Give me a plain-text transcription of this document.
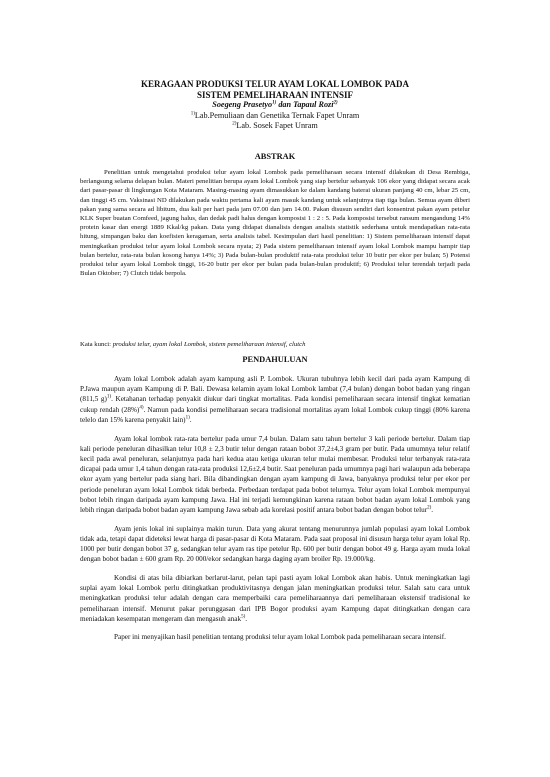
KERAGAAN PRODUKSI TELUR AYAM LOKAL LOMBOK PADA
SISTEM PEMELIHARAAN INTENSIF
Soegeng Prasetyo$^{1)}$ dan Tapaul Rozi$^{2)}$
$^{1)}$Lab.Pemuliaan dan Genetika Ternak Fapet Unram
$^{2)}$Lab. Sosek Fapet Unram
ABSTRAK

Penelitian untuk mengetahui produksi telur ayam lokal Lombok pada pemeliharaan secara intensif dilakukan di Desa Rembiga, berlangsung selama delapan bulan. Materi penelitian berupa ayam lokal Lombok yang siap bertelur sebanyak 106 ekor yang didapat secara acak dari pasar-pasar di lingkungan Kota Mataram. Masing-masing ayam dimasukkan ke dalam kandang baterai ukuran panjang 40 cm, lebar 25 cm, dan tinggi 45 cm. Vaksinasi ND dilakukan pada waktu pertama kali ayam masuk kandang untuk selanjutnya tiap tiga bulan. Semua ayam diberi pakan yang sama secara ad libitum, dua kali per hari pada jam 07.00 dan jam 14.00. Pakan disusun sendiri dari konsentrat pakan ayam petelur KLK Super buatan Comfeed, jagung halus, dan dedak padi halus dengan komposisi 1 : 2 : 5. Pada komposisi tersebut ransum mengandung 14% protein kasar dan energi 1889 Kkal/kg pakan. Data yang didapat dianalisis dengan analisis statistik sederhana untuk mendapatkan rata-rata hitung, simpangan baku dan koefisien keragaman, serta analisis tabel. Kesimpulan dari hasil penelitian: 1) Sistem pemeliharaan intensif dapat meningkatkan produksi telur ayam lokal Lombok secara nyata; 2) Pada sistem pemeliharaan intensif ayam lokal Lombok mampu hampir tiap bulan bertelur, rata-rata bulan kosong hanya 14%; 3) Pada bulan-bulan produktif rata-rata produksi telur 10 butir per ekor per bulan; 5) Potensi produksi telur ayam lokal Lombok tinggi, 16-20 butir per ekor per bulan pada bulan-bulan produktif; 6) Produksi telur terendah terjadi pada Bulan Oktober; 7) Clutch tidak berpola.

Kata kunci: produksi telur, ayam lokal Lombok, sistem pemeliharaan intensif, clutch

PENDAHULUAN

Ayam lokal Lombok adalah ayam kampung asli P. Lombok. Ukuran tubuhnya lebih kecil dari pada ayam Kampung di P.Jawa maupun ayam Kampung di P. Bali. Dewasa kelamin ayam lokal Lombok lambat (7,4 bulan) dengan bobot badan yang ringan (811,5 g)$^{1)}$. Ketahanan terhadap penyakit diukur dari tingkat mortalitas. Pada kondisi pemeliharaan secara intensif tingkat kematian cukup rendah $(28\%)^{4)}$. Namun pada kondisi pemeliharaan secara tradisional mortalitas ayam lokal Lombok cukup tinggi (80% karena telelo dan 15% karena penyakit lain)$^{1)}$.

Ayam lokal lombok rata-rata bertelur pada umur 7,4 bulan. Dalam satu tahun bertelur 3 kali periode bertelur. Dalam tiap kali periode peneluran dihasilkan telur 10,8 ± 2,3 butir telur dengan rataan bobot 37,2±4,3 gram per butir. Pada umumnya telur relatif kecil pada awal peneluran, selanjutnya pada hari kedua atau ketiga ukuran telur mulai membesar. Produksi telur terbanyak rata-rata dicapai pada umur 1,4 tahun dengan rata-rata produksi 12,6±2,4 butir. Saat peneluran pada umumnya pagi hari walaupun ada beberapa ekor ayam yang bertelur pada siang hari. Bila dibandingkan dengan ayam kampung di Jawa, banyaknya produksi telur per ekor per periode peneluran ayam lokal Lombok tidak berbeda. Perbedaan terdapat pada bobot telurnya. Telur ayam lokal Lombok mempunyai bobot lebih ringan daripada ayam kampung Jawa. Hal ini terjadi kemungkinan karena rataan bobot badan ayam lokal Lombok yang lebih ringan daripada bobot badan ayam kampung Jawa sebab ada korelasi positif antara bobot badan dengan bobot telur$^{2)}$.

Ayam jenis lokal ini suplainya makin turun. Data yang akurat tentang menurunnya jumlah populasi ayam lokal Lombok tidak ada, tetapi dapat dideteksi lewat harga di pasar-pasar di Kota Mataram. Pada saat proposal ini disusun harga telur ayam lokal Rp. 1000 per butir dengan bobot 37 g, sedangkan telur ayam ras tipe petelur Rp. 600 per butir dengan bobot 49 g. Harga ayam muda lokal dengan bobot badan ± 600 gram Rp. 20 000/ekor sedangkan harga daging ayam broiler Rp. 19.000/kg.

Kondisi di atas bila dibiarkan berlarut-larut, pelan tapi pasti ayam lokal Lombok akan habis. Untuk meningkatkan lagi suplai ayam lokal Lombok perlu ditingkatkan produktivitasnya dengan jalan meningkatkan produksi telur. Salah satu cara untuk meningkatkan produksi telur adalah dengan cara memperbaiki cara pemeliharaannya dari pemeliharaan ekstensif tradisional ke pemeliharaan intensif. Menurut pakar perunggasan dari IPB Bogor produksi ayam Kampung dapat ditingkatkan dengan cara meniadakan kesempatan mengeram dan mengasuh anak$^{5)}$.

Paper ini menyajikan hasil penelitian tentang produksi telur ayam lokal Lombok pada pemeliharaan secara intensif.
